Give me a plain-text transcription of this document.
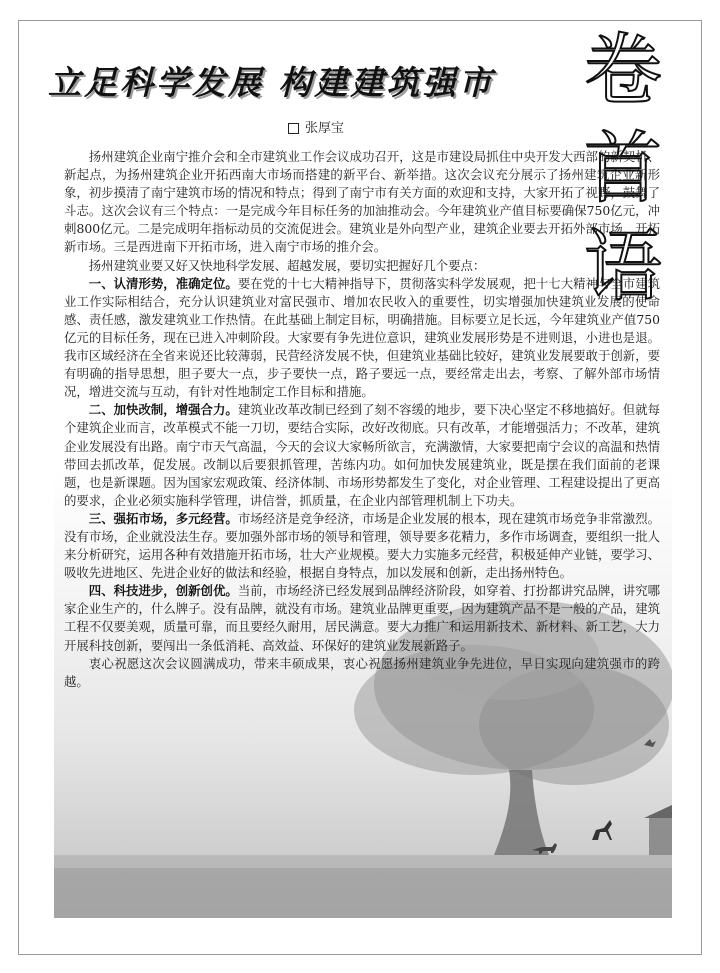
立足科学发展 构建建筑强市	卷
首
语
张厚宝

扬州建筑企业南宁推介会和全市建筑业工作会议成功召开，这是市建设局抓住中央开发大西部的新契机、新起点，为扬州建筑企业开拓西南大市场而搭建的新平台、新举措。这次会议充分展示了扬州建筑企业新形象，初步摸清了南宁建筑市场的情况和特点；得到了南宁市有关方面的欢迎和支持，大家开拓了视野，鼓舞了斗志。这次会议有三个特点：一是完成今年目标任务的加油推动会。今年建筑业产值目标要确保750亿元，冲刺800亿元。二是完成明年指标动员的交流促进会。建筑业是外向型产业，建筑企业要去开拓外部市场，开拓新市场。三是西进南下开拓市场，进入南宁市场的推介会。

扬州建筑业要又好又快地科学发展、超越发展，要切实把握好几个要点：

一、认清形势，准确定位。要在党的十七大精神指导下，贯彻落实科学发展观，把十七大精神与全市建筑业工作实际相结合，充分认识建筑业对富民强市、增加农民收入的重要性，切实增强加快建筑业发展的使命感、责任感，激发建筑业工作热情。在此基础上制定目标，明确措施。目标要立足长远，今年建筑业产值750亿元的目标任务，现在已进入冲刺阶段。大家要有争先进位意识，建筑业发展形势是不进则退，小进也是退。我市区域经济在全省来说还比较薄弱，民营经济发展不快，但建筑业基础比较好，建筑业发展要敢于创新，要有明确的指导思想，胆子要大一点，步子要快一点，路子要远一点，要经常走出去，考察、了解外部市场情况，增进交流与互动，有针对性地制定工作目标和措施。

二、加快改制，增强合力。建筑业改革改制已经到了刻不容缓的地步，要下决心坚定不移地搞好。但就每个建筑企业而言，改革模式不能一刀切，要结合实际，改好改彻底。只有改革，才能增强活力；不改革，建筑企业发展没有出路。南宁市天气高温，今天的会议大家畅所欲言，充满激情，大家要把南宁会议的高温和热情带回去抓改革，促发展。改制以后要狠抓管理，苦练内功。如何加快发展建筑业，既是摆在我们面前的老课题，也是新课题。因为国家宏观政策、经济体制、市场形势都发生了变化，对企业管理、工程建设提出了更高的要求，企业必须实施科学管理，讲信誉，抓质量，在企业内部管理机制上下功夫。

三、强拓市场，多元经营。市场经济是竞争经济，市场是企业发展的根本，现在建筑市场竞争非常激烈。没有市场，企业就没法生存。要加强外部市场的领导和管理，领导要多花精力，多作市场调查，要组织一批人来分析研究，运用各种有效措施开拓市场，壮大产业规模。要大力实施多元经营，积极延伸产业链，要学习、吸收先进地区、先进企业好的做法和经验，根据自身特点，加以发展和创新，走出扬州特色。

四、科技进步，创新创优。当前，市场经济已经发展到品牌经济阶段，如穿着、打扮都讲究品牌，讲究哪家企业生产的，什么牌子。没有品牌，就没有市场。建筑业品牌更重要，因为建筑产品不是一般的产品，建筑工程不仅要美观，质量可靠，而且要经久耐用，居民满意。要大力推广和运用新技术、新材料、新工艺，大力开展科技创新，要闯出一条低消耗、高效益、环保好的建筑业发展新路子。

衷心祝愿这次会议圆满成功，带来丰硕成果，衷心祝愿扬州建筑业争先进位，早日实现向建筑强市的跨越。
